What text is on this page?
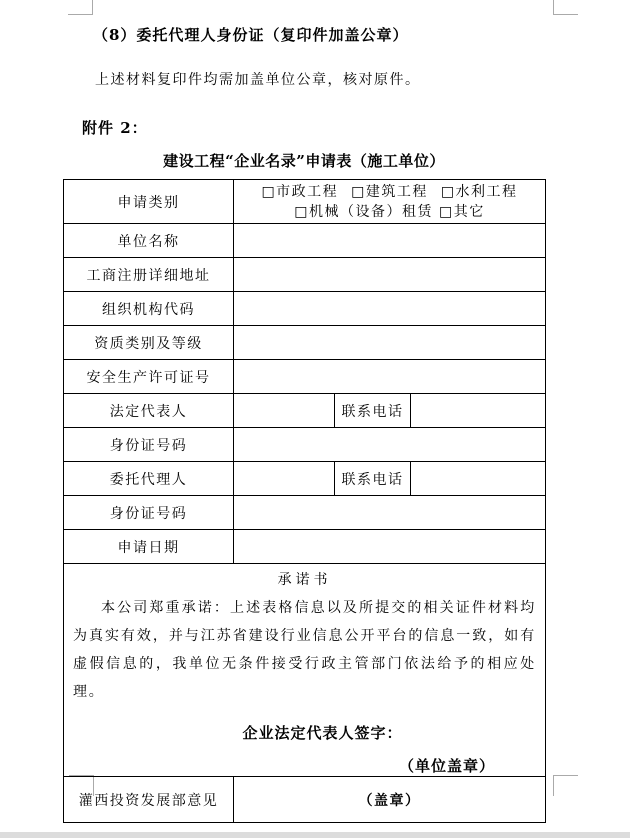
（8）委托代理人身份证（复印件加盖公章）
上述材料复印件均需加盖单位公章，核对原件。
附件 2：
建设工程“企业名录”申请表（施工单位）
申请类别	□市政工程 □建筑工程 □水利工程
□机械（设备）租赁 □其它		

单位名称			
工商注册详细地址			
组织机构代码			
资质类别及等级			
安全生产许可证号			
法定代表人		联系电话	
身份证号码			
委托代理人		联系电话	
身份证号码			
申请日期			

承诺书
本公司郑重承诺：上述表格信息以及所提交的相关证件材料均为真实有效，并与江苏省建设行业信息公开平台的信息一致，如有虚假信息的，我单位无条件接受行政主管部门依法给予的相应处理。
企业法定代表人签字：
（单位盖章）			

灌西投资发展部意见	（盖章）		
